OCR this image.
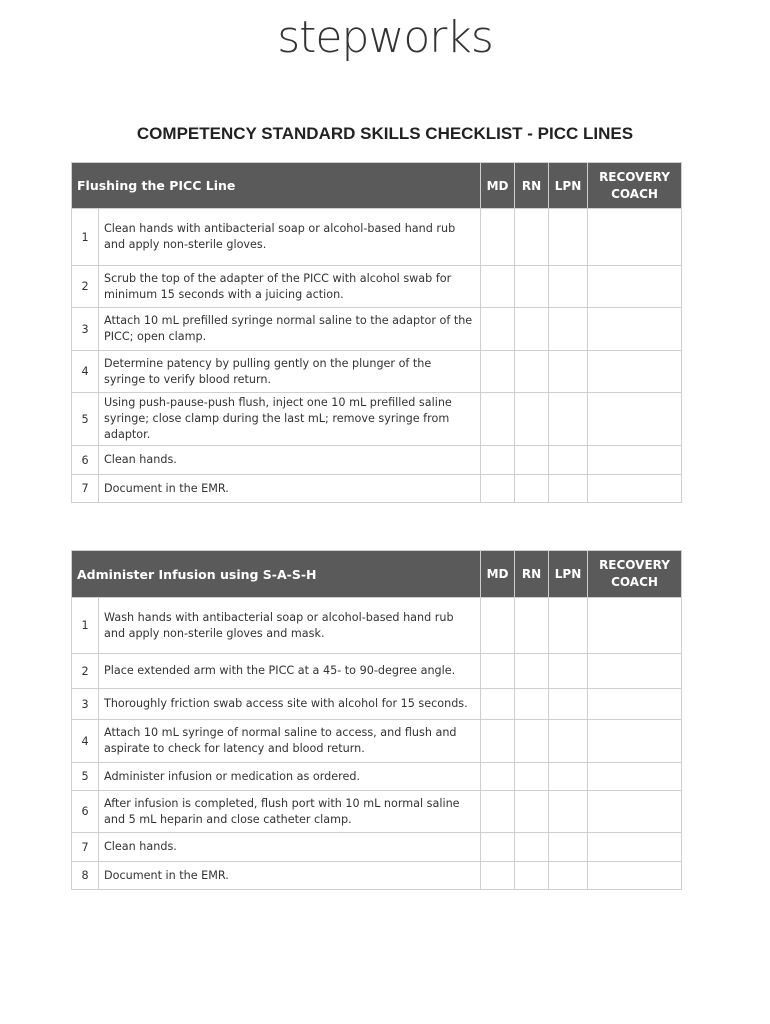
stepworks
COMPETENCY STANDARD SKILLS CHECKLIST - PICC LINES
Flushing the PICC Line		MD	RN	LPN	RECOVERY
COACH
1	Clean hands with antibacterial soap or alcohol-based hand rub and apply non-sterile gloves.				
2	Scrub the top of the adapter of the PICC with alcohol swab for minimum 15 seconds with a juicing action.				
3	Attach 10 mL prefilled syringe normal saline to the adaptor of the PICC; open clamp.				
4	Determine patency by pulling gently on the plunger of the syringe to verify blood return.				
5	Using push-pause-push flush, inject one 10 mL prefilled saline syringe; close clamp during the last mL; remove syringe from adaptor.				
6	Clean hands.				
7	Document in the EMR.				
Administer Infusion using S-A-S-H		MD	RN	LPN	RECOVERY
COACH
1	Wash hands with antibacterial soap or alcohol-based hand rub and apply non-sterile gloves and mask.				
2	Place extended arm with the PICC at a 45- to 90-degree angle.				
3	Thoroughly friction swab access site with alcohol for 15 seconds.				
4	Attach 10 mL syringe of normal saline to access, and flush and aspirate to check for latency and blood return.				
5	Administer infusion or medication as ordered.				
6	After infusion is completed, flush port with 10 mL normal saline and 5 mL heparin and close catheter clamp.				
7	Clean hands.				
8	Document in the EMR.				
